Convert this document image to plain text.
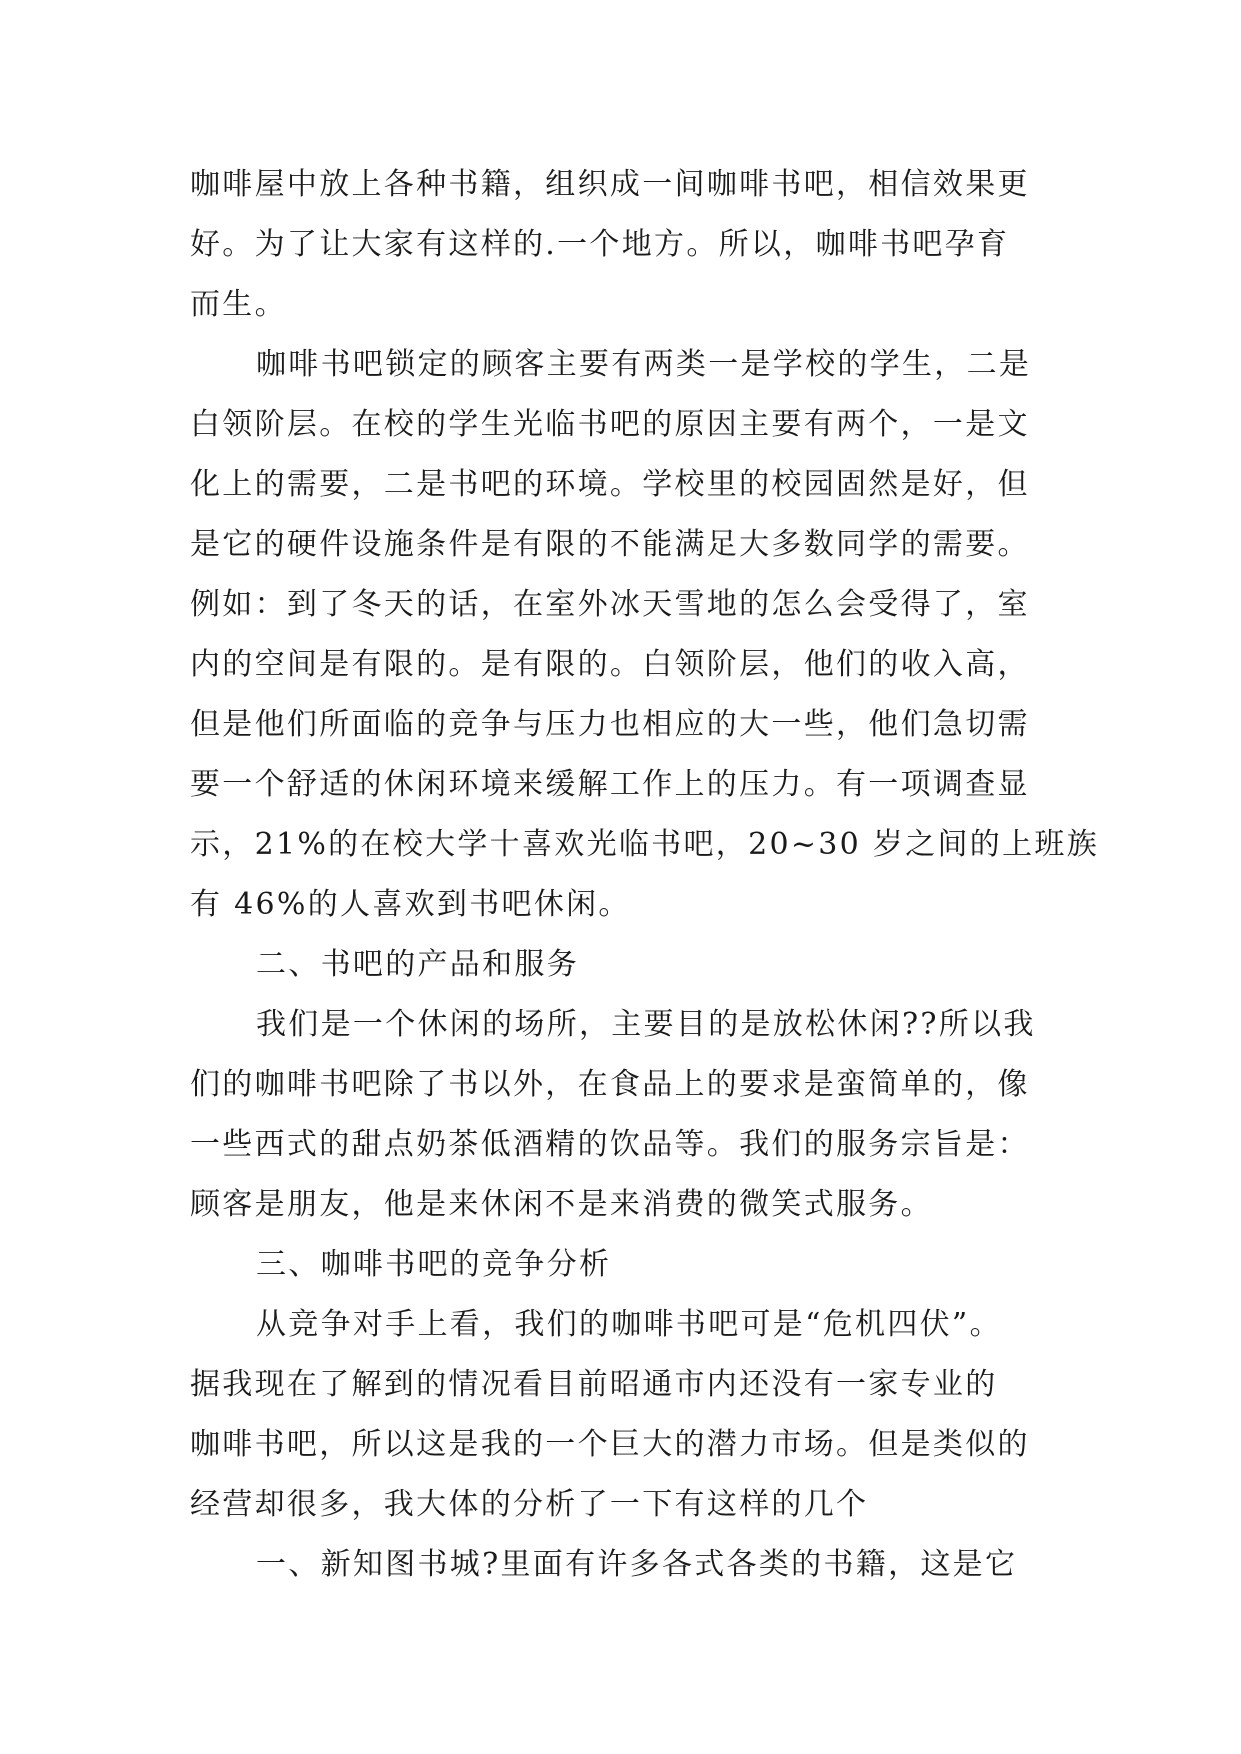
咖啡屋中放上各种书籍，组织成一间咖啡书吧，相信效果更
好。为了让大家有这样的.一个地方。所以，咖啡书吧孕育
而生。
咖啡书吧锁定的顾客主要有两类一是学校的学生，二是
白领阶层。在校的学生光临书吧的原因主要有两个，一是文
化上的需要，二是书吧的环境。学校里的校园固然是好，但
是它的硬件设施条件是有限的不能满足大多数同学的需要。
例如：到了冬天的话，在室外冰天雪地的怎么会受得了，室
内的空间是有限的。是有限的。白领阶层，他们的收入高，
但是他们所面临的竞争与压力也相应的大一些，他们急切需
要一个舒适的休闲环境来缓解工作上的压力。有一项调查显
示，21%的在校大学十喜欢光临书吧，20~30 岁之间的上班族
有 46%的人喜欢到书吧休闲。
二、书吧的产品和服务
我们是一个休闲的场所，主要目的是放松休闲??所以我
们的咖啡书吧除了书以外，在食品上的要求是蛮简单的，像
一些西式的甜点奶茶低酒精的饮品等。我们的服务宗旨是：
顾客是朋友，他是来休闲不是来消费的微笑式服务。
三、咖啡书吧的竞争分析
从竞争对手上看，我们的咖啡书吧可是“危机四伏”。
据我现在了解到的情况看目前昭通市内还没有一家专业的
咖啡书吧，所以这是我的一个巨大的潜力市场。但是类似的
经营却很多，我大体的分析了一下有这样的几个
一、新知图书城?里面有许多各式各类的书籍，这是它
